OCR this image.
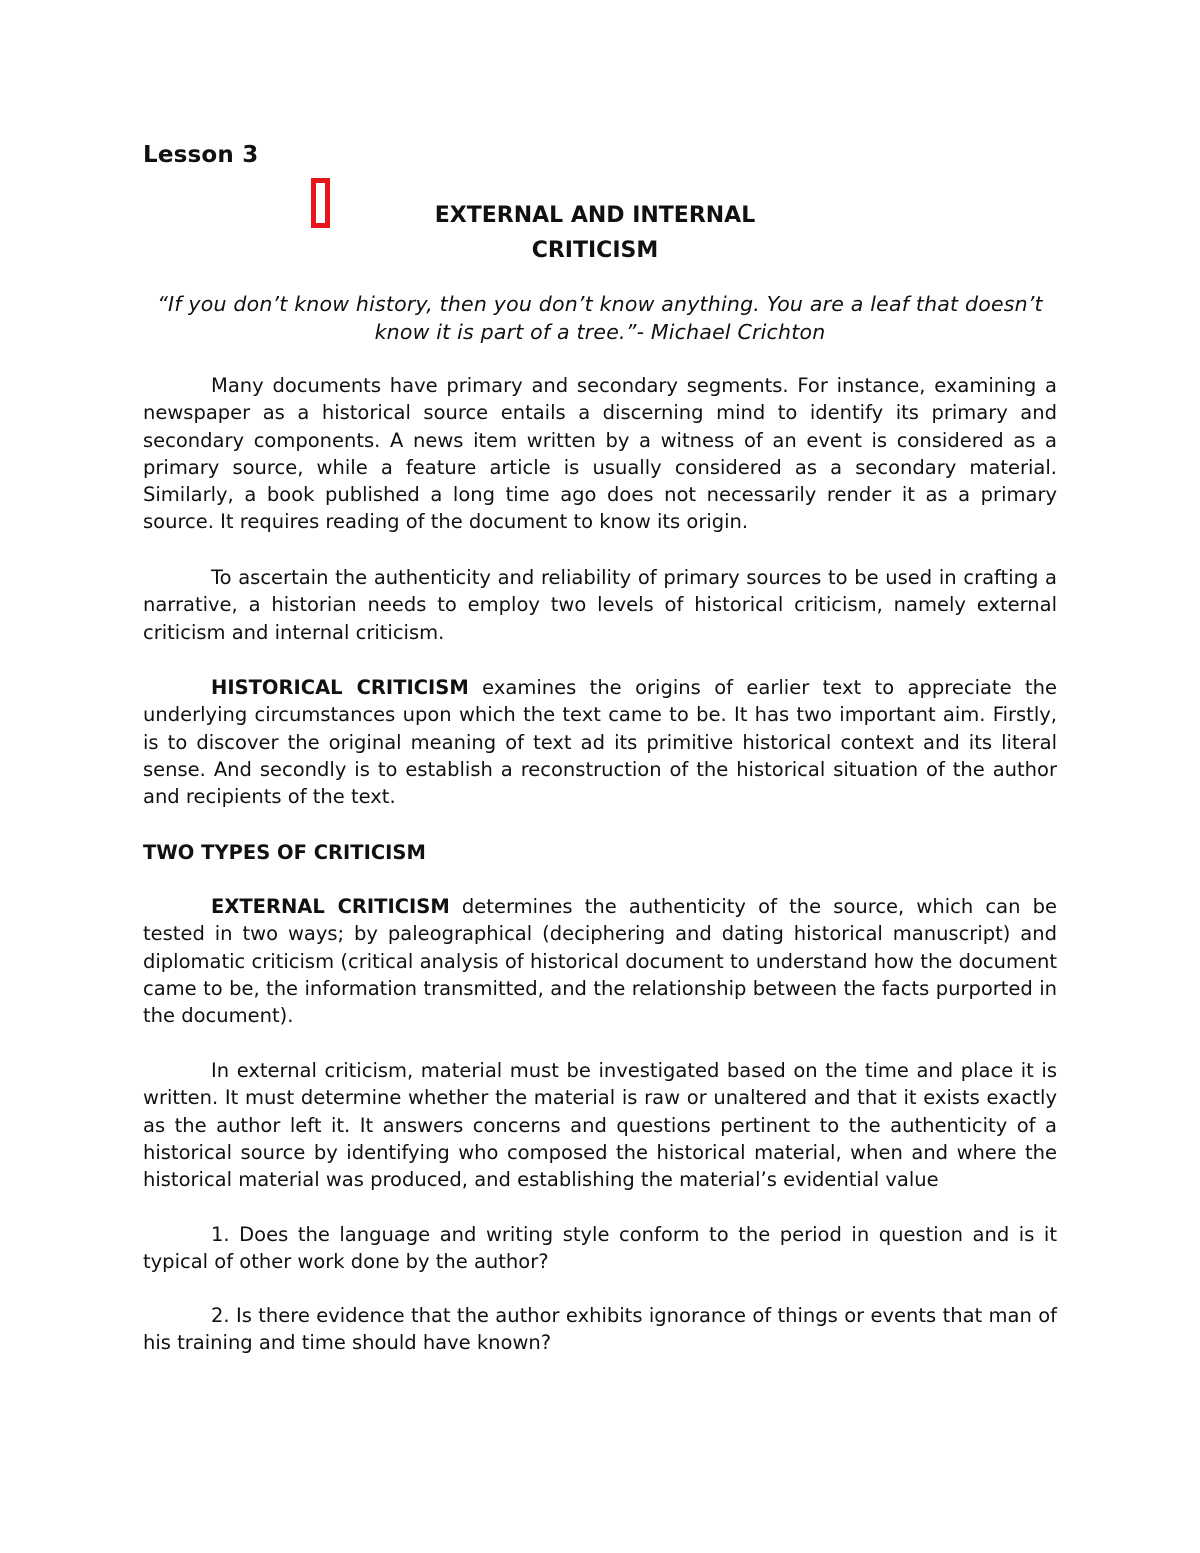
Lesson 3
EXTERNAL AND INTERNAL
CRITICISM
“If you don’t know history, then you don’t know anything. You are a leaf that doesn’t know it is part of a tree.”- Michael Crichton

Many documents have primary and secondary segments. For instance, examining a newspaper as a historical source entails a discerning mind to identify its primary and secondary components. A news item written by a witness of an event is considered as a primary source, while a feature article is usually considered as a secondary material. Similarly, a book published a long time ago does not necessarily render it as a primary source. It requires reading of the document to know its origin.

To ascertain the authenticity and reliability of primary sources to be used in crafting a narrative, a historian needs to employ two levels of historical criticism, namely external criticism and internal criticism.

HISTORICAL CRITICISM examines the origins of earlier text to appreciate the underlying circumstances upon which the text came to be. It has two important aim. Firstly, is to discover the original meaning of text ad its primitive historical context and its literal sense. And secondly is to establish a reconstruction of the historical situation of the author and recipients of the text.

TWO TYPES OF CRITICISM

EXTERNAL CRITICISM determines the authenticity of the source, which can be tested in two ways; by paleographical (deciphering and dating historical manuscript) and diplomatic criticism (critical analysis of historical document to understand how the document came to be, the information transmitted, and the relationship between the facts purported in the document).

In external criticism, material must be investigated based on the time and place it is written. It must determine whether the material is raw or unaltered and that it exists exactly as the author left it. It answers concerns and questions pertinent to the authenticity of a historical source by identifying who composed the historical material, when and where the historical material was produced, and establishing the material’s evidential value

1. Does the language and writing style conform to the period in question and is it typical of other work done by the author?

2. Is there evidence that the author exhibits ignorance of things or events that man of his training and time should have known?
